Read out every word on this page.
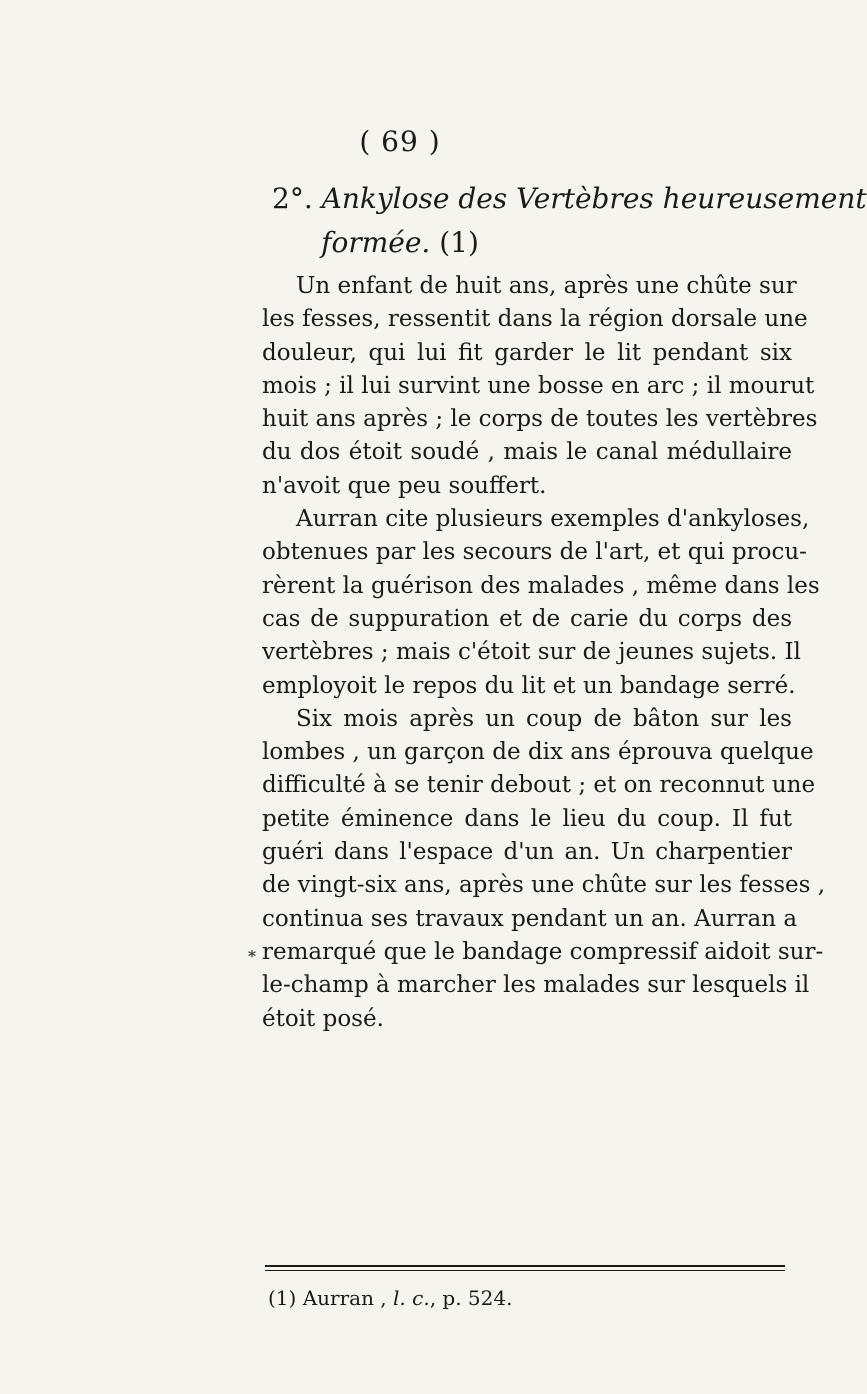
( 69 )
2°. Ankylose des Vertèbres heureusement
formée. (1)
*
Un enfant de huit ans, après une chûte sur
les fesses, ressentit dans la région dorsale une
douleur, qui lui fit garder le lit pendant six
mois ; il lui survint une bosse en arc ; il mourut
huit ans après ; le corps de toutes les vertèbres
du dos étoit soudé , mais le canal médullaire
n'avoit que peu souffert.
Aurran cite plusieurs exemples d'ankyloses,
obtenues par les secours de l'art, et qui procu-
rèrent la guérison des malades , même dans les
cas de suppuration et de carie du corps des
vertèbres ; mais c'étoit sur de jeunes sujets. Il
employoit le repos du lit et un bandage serré.
Six mois après un coup de bâton sur les
lombes , un garçon de dix ans éprouva quelque
difficulté à se tenir debout ; et on reconnut une
petite éminence dans le lieu du coup. Il fut
guéri dans l'espace d'un an. Un charpentier
de vingt-six ans, après une chûte sur les fesses ,
continua ses travaux pendant un an. Aurran a
remarqué que le bandage compressif aidoit sur-
le-champ à marcher les malades sur lesquels il
étoit posé.
(1) Aurran , l. c., p. 524.
